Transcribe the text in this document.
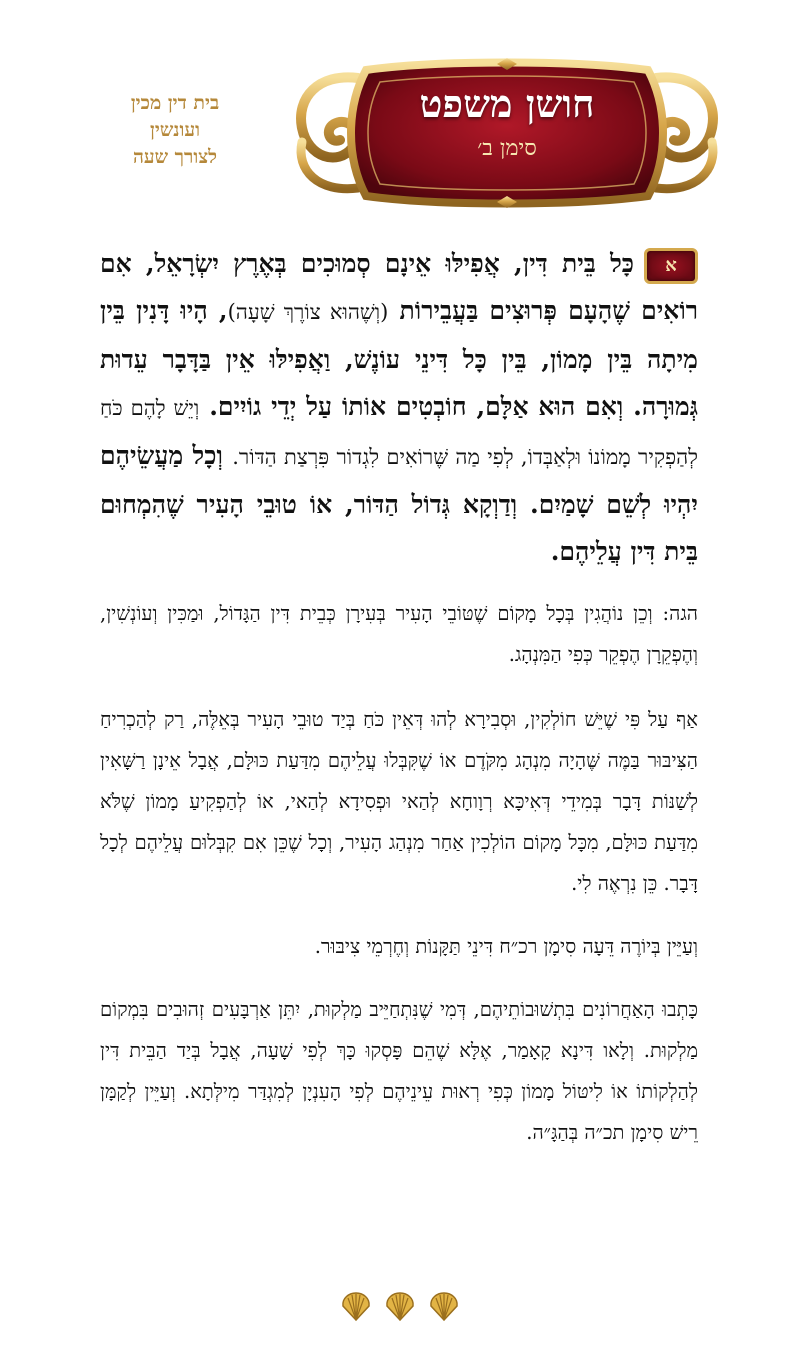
חושן משפט
סימן ב׳
בית דין מכין
ועונשין
לצורך שעה

אכָּל בֵּית דִּין, אֲפִילּוּ אֵינָם סְמוּכִים בְּאֶרֶץ יִשְׂרָאֵל, אִם רוֹאִים שֶׁהָעָם פְּרוּצִים בַּעֲבֵירוֹת (וְשֶׁהוּא צוֹרֶךְ שָׁעָה), הָיוּ דָּנִין בֵּין מִיתָה בֵּין מָמוֹן, בֵּין כָּל דִּינֵי עוֹנֶשׁ, וַאֲפִילּוּ אֵין בַּדָּבָר עֵדוּת גְּמוּרָה. וְאִם הוּא אַלָּם, חוֹבְטִים אוֹתוֹ עַל יְדֵי גוֹיִים. וְיֵשׁ לָהֶם כֹּחַ לְהַפְקִיר מָמוֹנוֹ וּלְאַבְּדוֹ, לְפִי מַה שֶּׁרוֹאִים לִגְדוֹר פִּרְצַת הַדּוֹר. וְכָל מַעֲשֵׂיהֶם יִהְיוּ לְשֵׁם שָׁמַיִם. וְדַוְקָא גְּדוֹל הַדּוֹר, אוֹ טוּבֵי הָעִיר שֶׁהִמְחוּם בֵּית דִּין עֲלֵיהֶם.

הגה: וְכֵן נוֹהֲגִין בְּכָל מָקוֹם שֶׁטּוֹבֵי הָעִיר בְּעִירָן כְּבֵית דִּין הַגָּדוֹל, וּמַכִּין וְעוֹנְשִׁין, וְהֶפְקֵרָן הֶפְקֵר כְּפִי הַמִּנְהָג.

אַף עַל פִּי שֶׁיֵּשׁ חוֹלְקִין, וּסְבִירָא לְהוּ דְּאֵין כֹּחַ בְּיַד טוּבֵי הָעִיר בְּאֵלֶּה, רַק לְהַכְרִיחַ הַצִּיבּוּר בַּמֶּה שֶּׁהָיָה מִנְהָג מִקֹּדֶם אוֹ שֶׁקִּבְּלוּ עֲלֵיהֶם מִדַּעַת כּוּלָּם, אֲבָל אֵינָן רַשָּׁאִין לְשַׁנּוֹת דָּבָר בְּמִידֵי דְּאִיכָּא רְוָוחָא לְהַאי וּפְסִידָא לְהַאי, אוֹ לְהַפְקִיעַ מָמוֹן שֶׁלֹּא מִדַּעַת כּוּלָּם, מִכָּל מָקוֹם הוֹלְכִין אַחַר מִנְהַג הָעִיר, וְכָל שֶׁכֵּן אִם קִבְּלוּם עֲלֵיהֶם לְכָל דָּבָר. כֵּן נִרְאֶה לִי.

וְעַיֵּין בְּיוֹרֶה דֵּעָה סִימָן רכ״ח דִּינֵי תַּקָּנוֹת וְחֶרְמֵי צִיבּוּר.

כָּתְבוּ הָאַחֲרוֹנִים בִּתְשׁוּבוֹתֵיהֶם, דְּמִי שֶׁנִּתְחַיֵּיב מַלְקוּת, יִתֵּן אַרְבָּעִים זְהוּבִים בִּמְקוֹם מַלְקוּת. וְלָאו דִּינָא קָאָמַר, אֶלָּא שֶׁהֵם פָּסְקוּ כָּךְ לְפִי שָׁעָה, אֲבָל בְּיַד הַבֵּית דִּין לְהַלְקוֹתוֹ אוֹ לִיטּוֹל מָמוֹן כְּפִי רְאוּת עֵינֵיהֶם לְפִי הָעִנְיָן לְמִגְדַּר מִילְּתָא. וְעַיֵּין לְקַמָּן רֵישׁ סִימָן תכ״ה בְּהַגָּ״ה.
